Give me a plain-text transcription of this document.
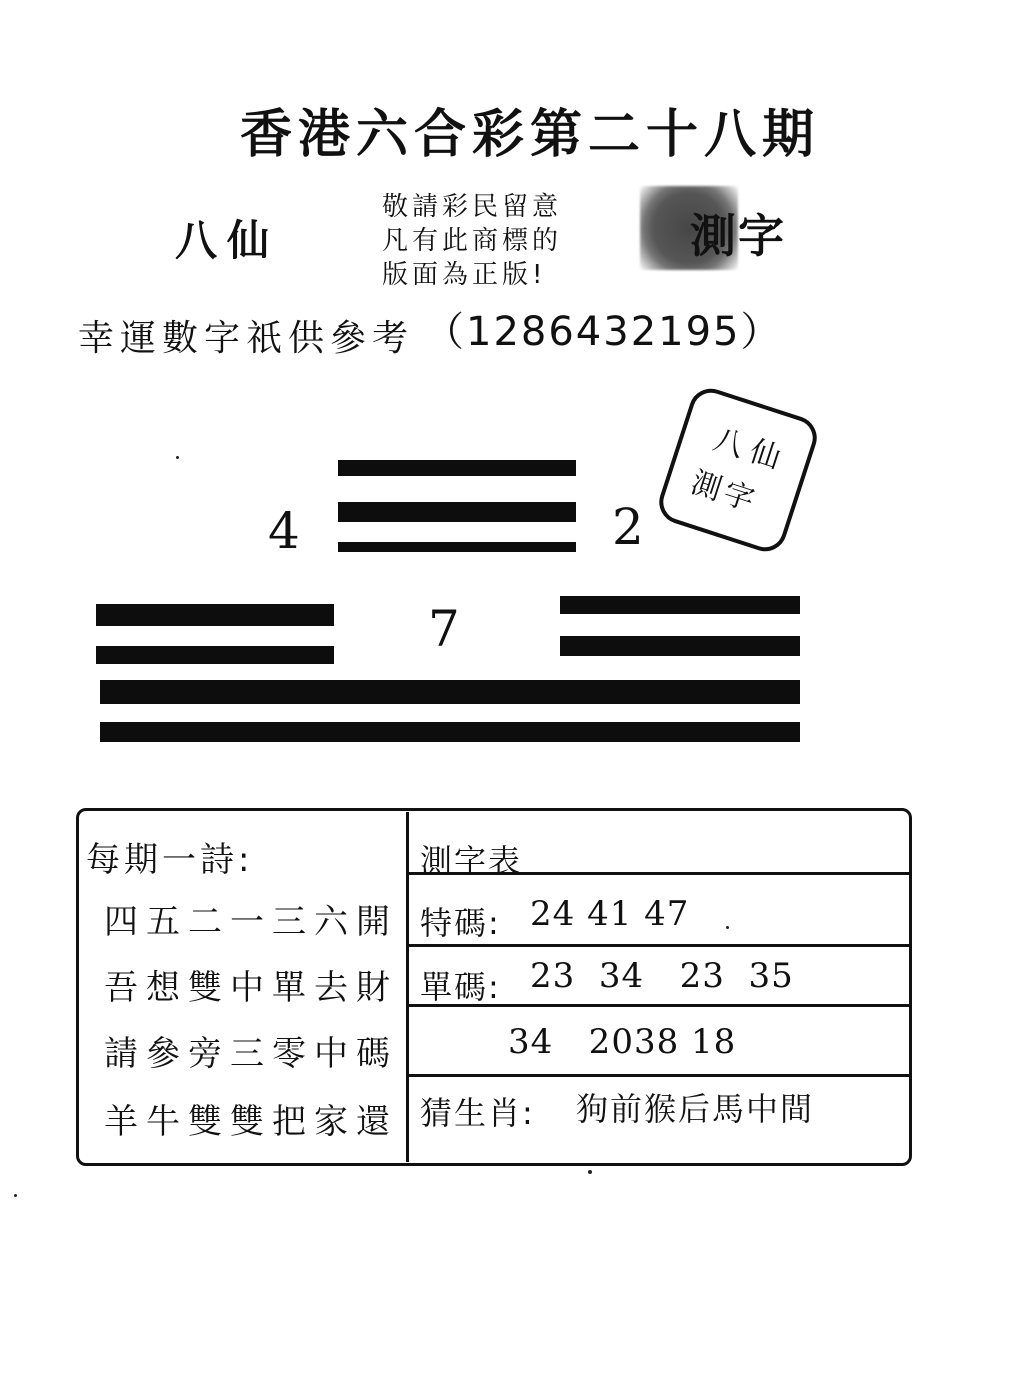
香港六合彩第二十八期
八仙
敬請彩民留意
凡有此商標的
版面為正版!
測字
幸運數字祇供參考 （1286432195）
4	2
7
八仙
測字
每期一詩:
四五二一三六開
吾想雙中單去財
請參旁三零中碼
羊牛雙雙把家還
測字表
特碼: 24 41 47
單碼: 23  34   23  35
34   2038 18
猜生肖: 狗前猴后馬中間
